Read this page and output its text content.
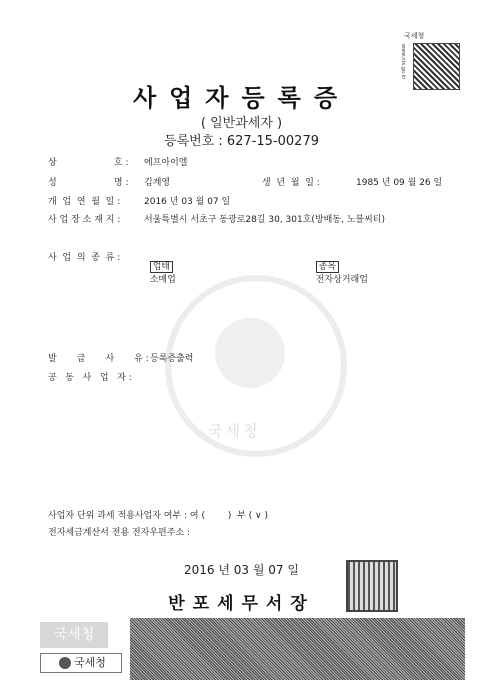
국세청
www.nts.go.kr
사업자등록증
( 일반과세자 )
등록번호 : 627-15-00279
국세청
상                    호 : 에프아이엘
성                    명 : 김계영	생  년  월  일 :	1985 년 09 월 26 일
개  업  연  월  일 :	2016 년 03 월 07 일
사 업 장 소 재 지 :	서울특별시 서초구 동광로28길 30, 301호(방배동, 노블씨티)
사  업  의  종  류 :

업태
소매업

종목
전자상거래업

발       급       사       유 : 등록증출력
공   동   사   업   자 :
사업자 단위 과세 적용사업자 여부 : 여 (        )  부 ( ∨ )
전자세금계산서 전용 전자우편주소 :
2016 년 03 월 07 일
반포세무서장
국세청
국세청
